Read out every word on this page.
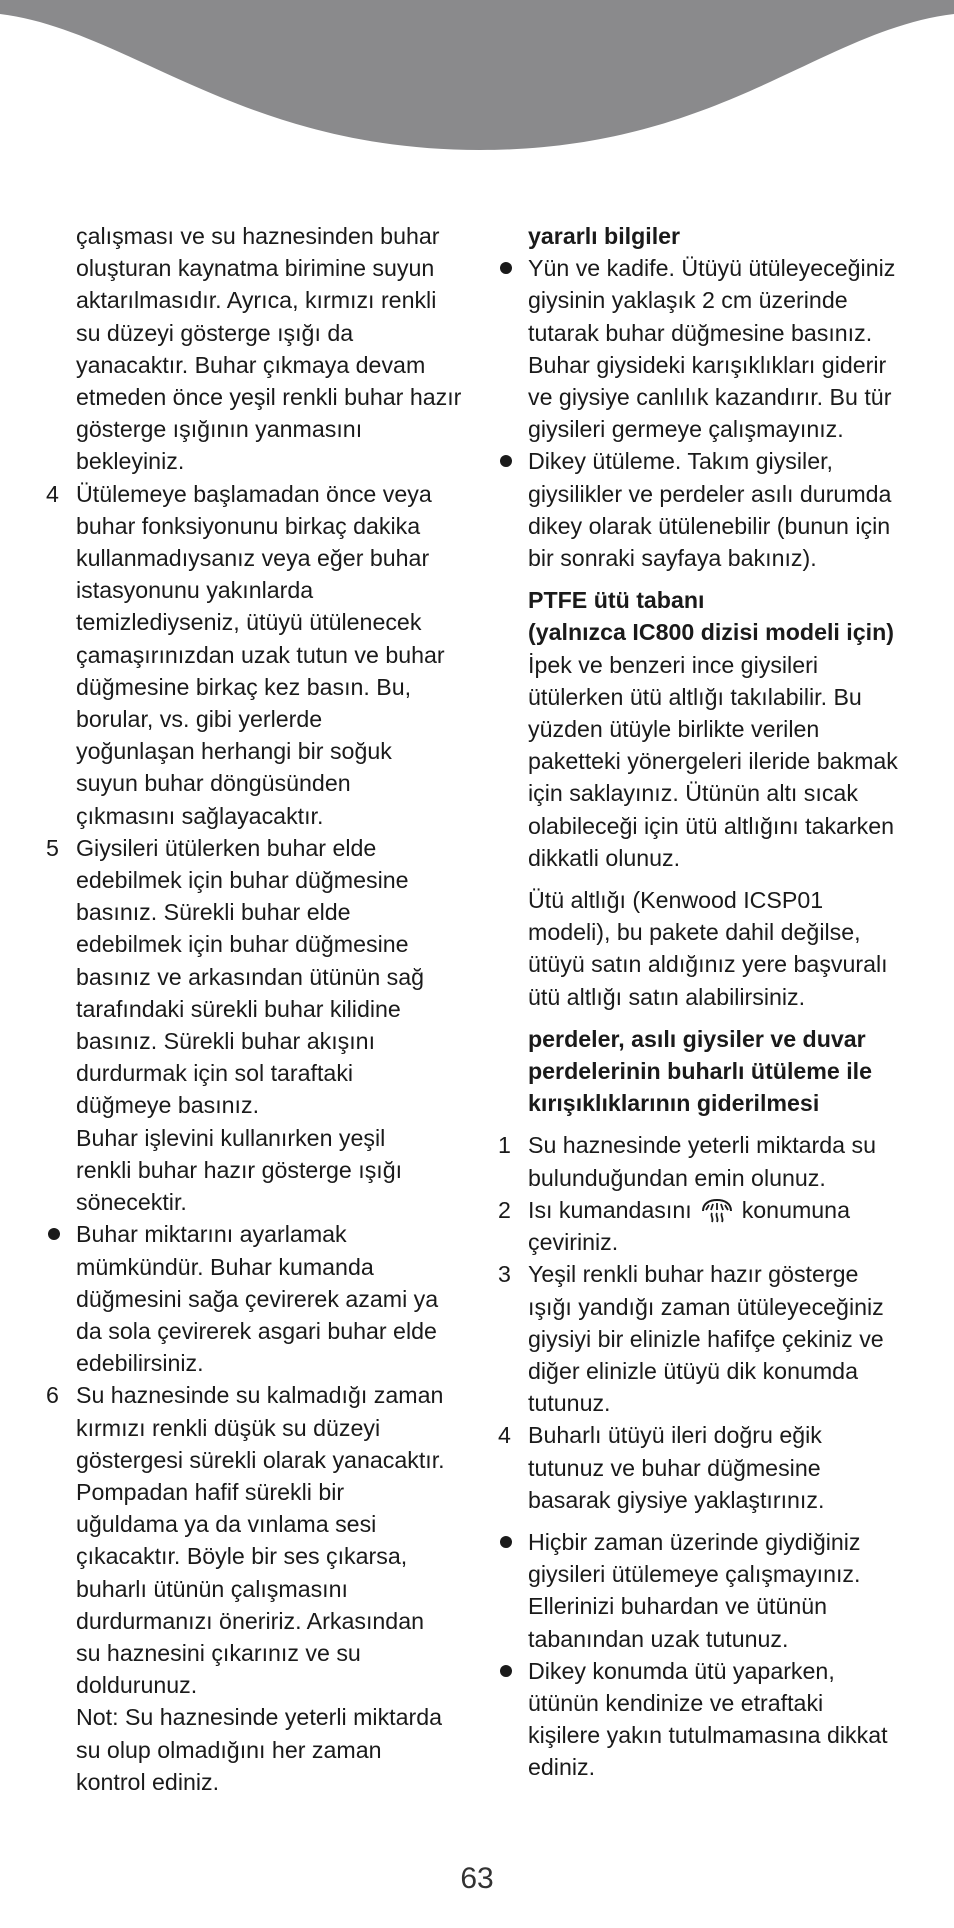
çalışması ve su haznesinden buhar
oluşturan kaynatma birimine suyun
aktarılmasıdır. Ayrıca, kırmızı renkli
su düzeyi gösterge ışığı da
yanacaktır. Buhar çıkmaya devam
etmeden önce yeşil renkli buhar hazır
gösterge ışığının yanmasını
bekleyiniz.
4 Ütülemeye başlamadan önce veya
buhar fonksiyonunu birkaç dakika
kullanmadıysanız veya eğer buhar
istasyonunu yakınlarda
temizlediyseniz, ütüyü ütülenecek
çamaşırınızdan uzak tutun ve buhar
düğmesine birkaç kez basın. Bu,
borular, vs. gibi yerlerde
yoğunlaşan herhangi bir soğuk
suyun buhar döngüsünden
çıkmasını sağlayacaktır.
5 Giysileri ütülerken buhar elde
edebilmek için buhar düğmesine
basınız. Sürekli buhar elde
edebilmek için buhar düğmesine
basınız ve arkasından ütünün sağ
tarafındaki sürekli buhar kilidine
basınız. Sürekli buhar akışını
durdurmak için sol taraftaki
düğmeye basınız.
Buhar işlevini kullanırken yeşil
renkli buhar hazır gösterge ışığı
sönecektir.
Buhar miktarını ayarlamak
mümkündür. Buhar kumanda
düğmesini sağa çevirerek azami ya
da sola çevirerek asgari buhar elde
edebilirsiniz.
6 Su haznesinde su kalmadığı zaman
kırmızı renkli düşük su düzeyi
göstergesi sürekli olarak yanacaktır.
Pompadan hafif sürekli bir
uğuldama ya da vınlama sesi
çıkacaktır. Böyle bir ses çıkarsa,
buharlı ütünün çalışmasını
durdurmanızı öneririz. Arkasından
su haznesini çıkarınız ve su
doldurunuz.
Not: Su haznesinde yeterli miktarda
su olup olmadığını her zaman
kontrol ediniz.
yararlı bilgiler
Yün ve kadife. Ütüyü ütüleyeceğiniz
giysinin yaklaşık 2 cm üzerinde
tutarak buhar düğmesine basınız.
Buhar giysideki karışıklıkları giderir
ve giysiye canlılık kazandırır. Bu tür
giysileri germeye çalışmayınız.
Dikey ütüleme. Takım giysiler,
giysilikler ve perdeler asılı durumda
dikey olarak ütülenebilir (bunun için
bir sonraki sayfaya bakınız).
PTFE ütü tabanı
(yalnızca IC800 dizisi modeli için)
İpek ve benzeri ince giysileri
ütülerken ütü altlığı takılabilir. Bu
yüzden ütüyle birlikte verilen
paketteki yönergeleri ileride bakmak
için saklayınız. Ütünün altı sıcak
olabileceği için ütü altlığını takarken
dikkatli olunuz.
Ütü altlığı (Kenwood ICSP01
modeli), bu pakete dahil değilse,
ütüyü satın aldığınız yere başvuralı
ütü altlığı satın alabilirsiniz.
perdeler, asılı giysiler ve duvar
perdelerinin buharlı ütüleme ile
kırışıklıklarının giderilmesi
1 Su haznesinde yeterli miktarda su
bulunduğundan emin olunuz.
2 Isı kumandasını konumuna
çeviriniz.
3 Yeşil renkli buhar hazır gösterge
ışığı yandığı zaman ütüleyeceğiniz
giysiyi bir elinizle hafifçe çekiniz ve
diğer elinizle ütüyü dik konumda
tutunuz.
4 Buharlı ütüyü ileri doğru eğik
tutunuz ve buhar düğmesine
basarak giysiye yaklaştırınız.
Hiçbir zaman üzerinde giydiğiniz
giysileri ütülemeye çalışmayınız.
Ellerinizi buhardan ve ütünün
tabanından uzak tutunuz.
Dikey konumda ütü yaparken,
ütünün kendinize ve etraftaki
kişilere yakın tutulmamasına dikkat
ediniz.
63
